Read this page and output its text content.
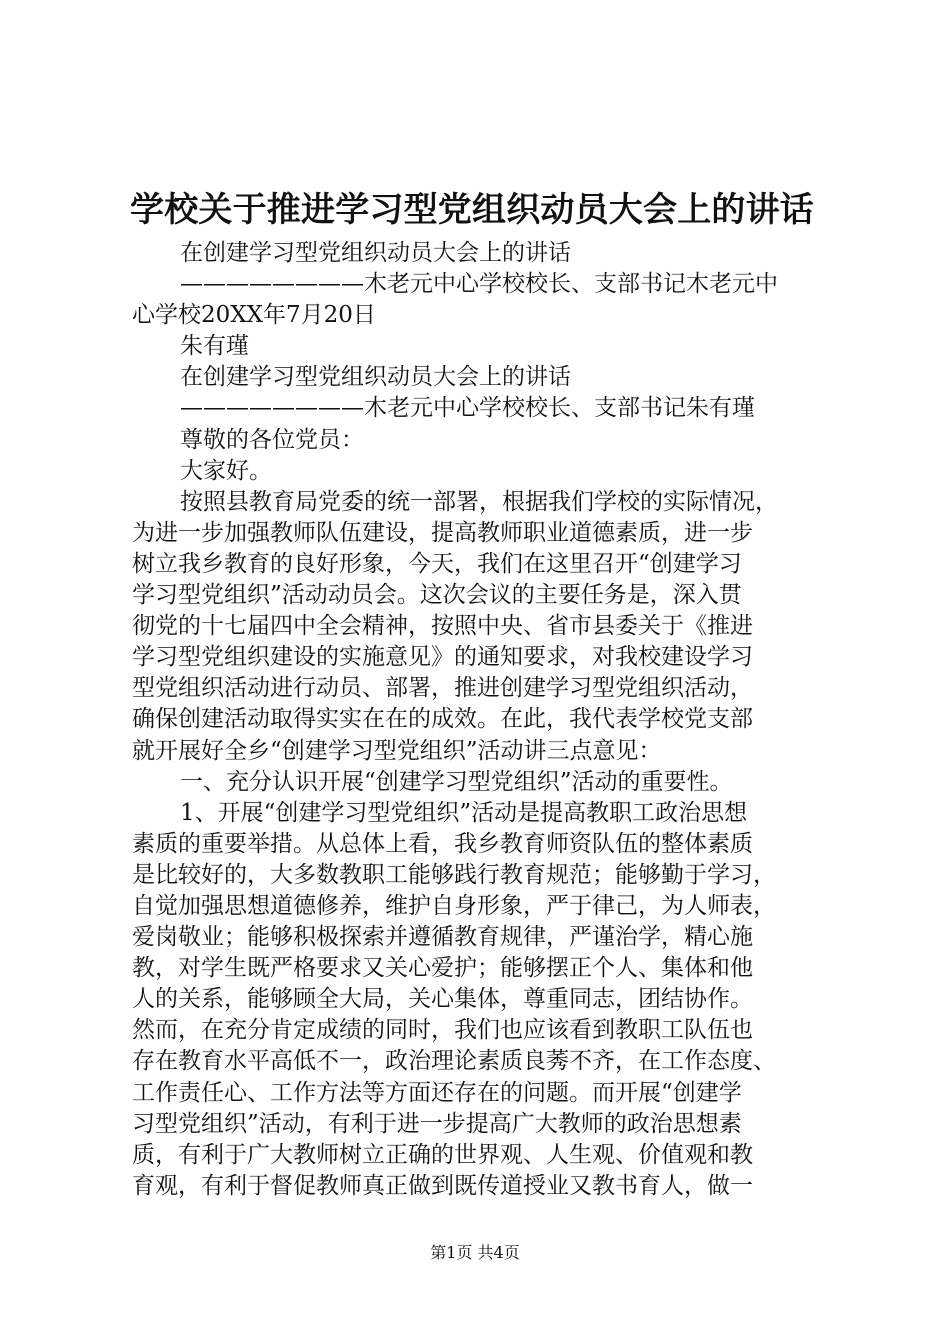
学校关于推进学习型党组织动员大会上的讲话
在创建学习型党组织动员大会上的讲话
————————木老元中心学校校长、支部书记木老元中
心学校20XX年7月20日
朱有瑾
在创建学习型党组织动员大会上的讲话
————————木老元中心学校校长、支部书记朱有瑾
尊敬的各位党员：
大家好。
按照县教育局党委的统一部署，根据我们学校的实际情况，
为进一步加强教师队伍建设，提高教师职业道德素质，进一步
树立我乡教育的良好形象，今天，我们在这里召开“创建学习
学习型党组织”活动动员会。这次会议的主要任务是，深入贯
彻党的十七届四中全会精神，按照中央、省市县委关于《推进
学习型党组织建设的实施意见》的通知要求，对我校建设学习
型党组织活动进行动员、部署，推进创建学习型党组织活动，
确保创建活动取得实实在在的成效。在此，我代表学校党支部
就开展好全乡“创建学习型党组织”活动讲三点意见：
一、充分认识开展“创建学习型党组织”活动的重要性。
1、开展“创建学习型党组织”活动是提高教职工政治思想
素质的重要举措。从总体上看，我乡教育师资队伍的整体素质
是比较好的，大多数教职工能够践行教育规范；能够勤于学习，
自觉加强思想道德修养，维护自身形象，严于律己，为人师表，
爱岗敬业；能够积极探索并遵循教育规律，严谨治学，精心施
教，对学生既严格要求又关心爱护；能够摆正个人、集体和他
人的关系，能够顾全大局，关心集体，尊重同志，团结协作。
然而，在充分肯定成绩的同时，我们也应该看到教职工队伍也
存在教育水平高低不一，政治理论素质良莠不齐，在工作态度、
工作责任心、工作方法等方面还存在的问题。而开展“创建学
习型党组织”活动，有利于进一步提高广大教师的政治思想素
质，有利于广大教师树立正确的世界观、人生观、价值观和教
育观，有利于督促教师真正做到既传道授业又教书育人，做一
第1页 共4页
